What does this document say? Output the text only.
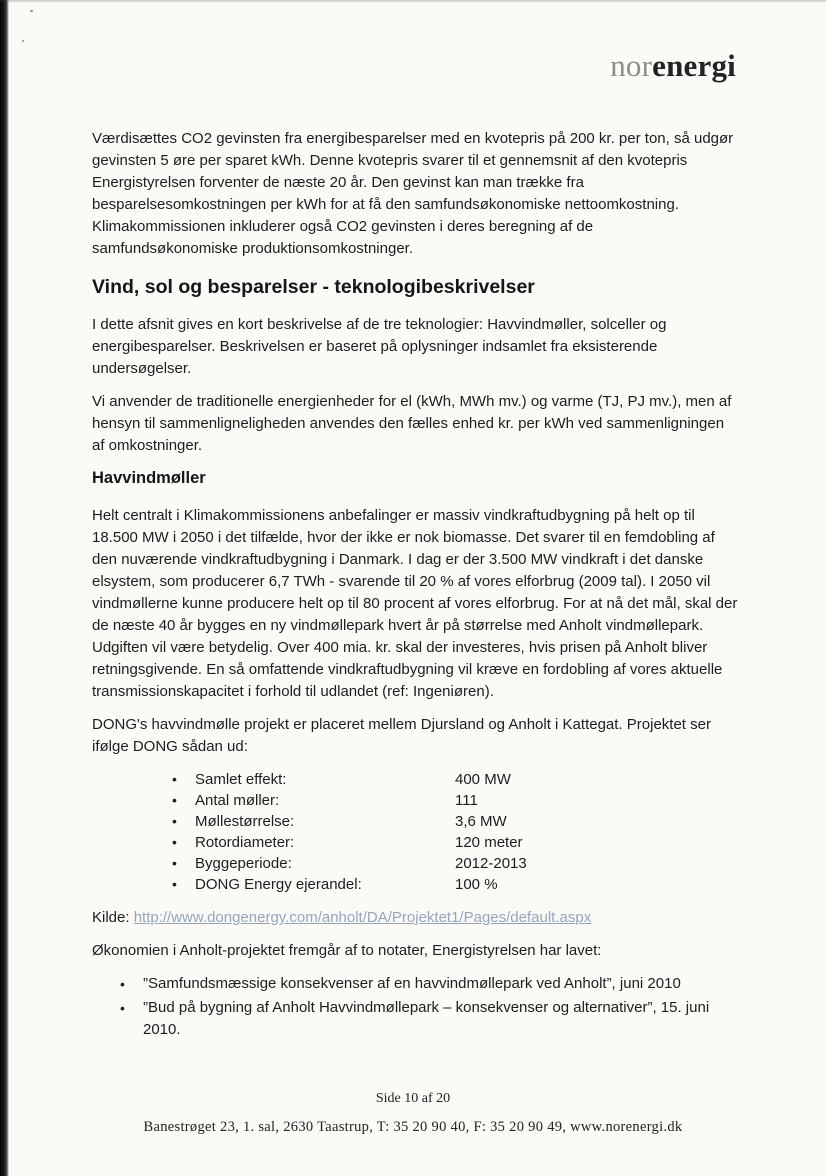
norenergi

Værdisættes CO2 gevinsten fra energibesparelser med en kvotepris på 200 kr. per ton, så udgør gevinsten 5 øre per sparet kWh. Denne kvotepris svarer til et gennemsnit af den kvotepris Energistyrelsen forventer de næste 20 år. Den gevinst kan man trække fra besparelsesomkostningen per kWh for at få den samfundsøkonomiske nettoomkostning. Klimakommissionen inkluderer også CO2 gevinsten i deres beregning af de samfundsøkonomiske produktionsomkostninger.

Vind, sol og besparelser - teknologibeskrivelser

I dette afsnit gives en kort beskrivelse af de tre teknologier: Havvindmøller, solceller og energibesparelser. Beskrivelsen er baseret på oplysninger indsamlet fra eksisterende undersøgelser.

Vi anvender de traditionelle energienheder for el (kWh, MWh mv.) og varme (TJ, PJ mv.), men af hensyn til sammenligneligheden anvendes den fælles enhed kr. per kWh ved sammenligningen af omkostninger.

Havvindmøller

Helt centralt i Klimakommissionens anbefalinger er massiv vindkraftudbygning på helt op til 18.500 MW i 2050 i det tilfælde, hvor der ikke er nok biomasse. Det svarer til en femdobling af den nuværende vindkraftudbygning i Danmark. I dag er der 3.500 MW vindkraft i det danske elsystem, som producerer 6,7 TWh - svarende til 20 % af vores elforbrug (2009 tal). I 2050 vil vindmøllerne kunne producere helt op til 80 procent af vores elforbrug. For at nå det mål, skal der de næste 40 år bygges en ny vindmøllepark hvert år på størrelse med Anholt vindmøllepark. Udgiften vil være betydelig. Over 400 mia. kr. skal der investeres, hvis prisen på Anholt bliver retningsgivende. En så omfattende vindkraftudbygning vil kræve en fordobling af vores aktuelle transmissionskapacitet i forhold til udlandet (ref: Ingeniøren).

DONG's havvindmølle projekt er placeret mellem Djursland og Anholt i Kattegat. Projektet ser ifølge DONG sådan ud:

•
Samlet effekt:	400 MW
•
Antal møller:	111
•
Møllestørrelse:	3,6 MW
•
Rotordiameter:	120 meter
•
Byggeperiode:	2012-2013
•
DONG Energy ejerandel:	100 %

Kilde: http://www.dongenergy.com/anholt/DA/Projektet1/Pages/default.aspx

Økonomien i Anholt-projektet fremgår af to notater, Energistyrelsen har lavet:

•
”Samfundsmæssige konsekvenser af en havvindmøllepark ved Anholt”, juni 2010
•
”Bud på bygning af Anholt Havvindmøllepark – konsekvenser og alternativer”, 15. juni 2010.
Side 10 af 20
Banestrøget 23, 1. sal, 2630 Taastrup, T: 35 20 90 40, F: 35 20 90 49, www.norenergi.dk
